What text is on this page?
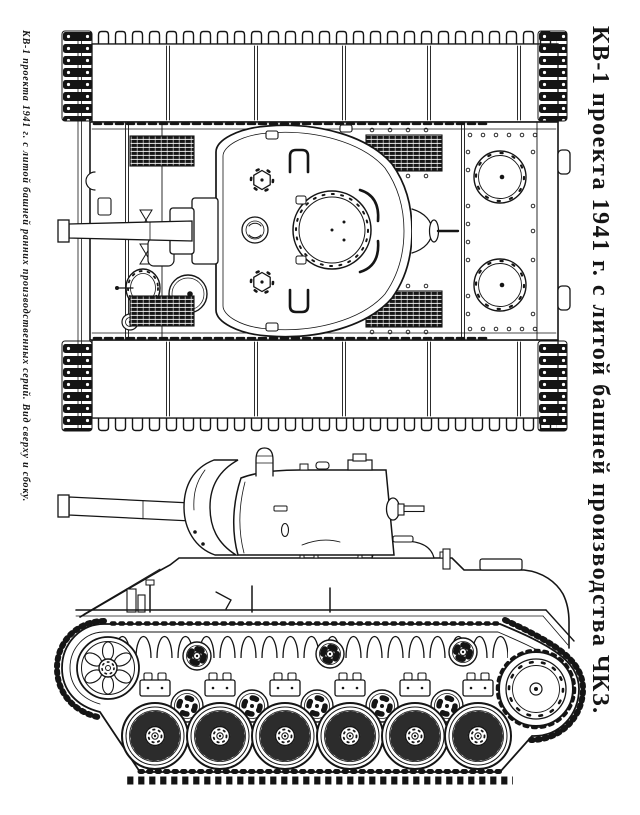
КВ-1 проекта 1941 г. с литой башней ранних производственных серий. Вид сверху и сбоку.	КВ-1 проекта 1941 г. с литой башней производства ЧКЗ.
